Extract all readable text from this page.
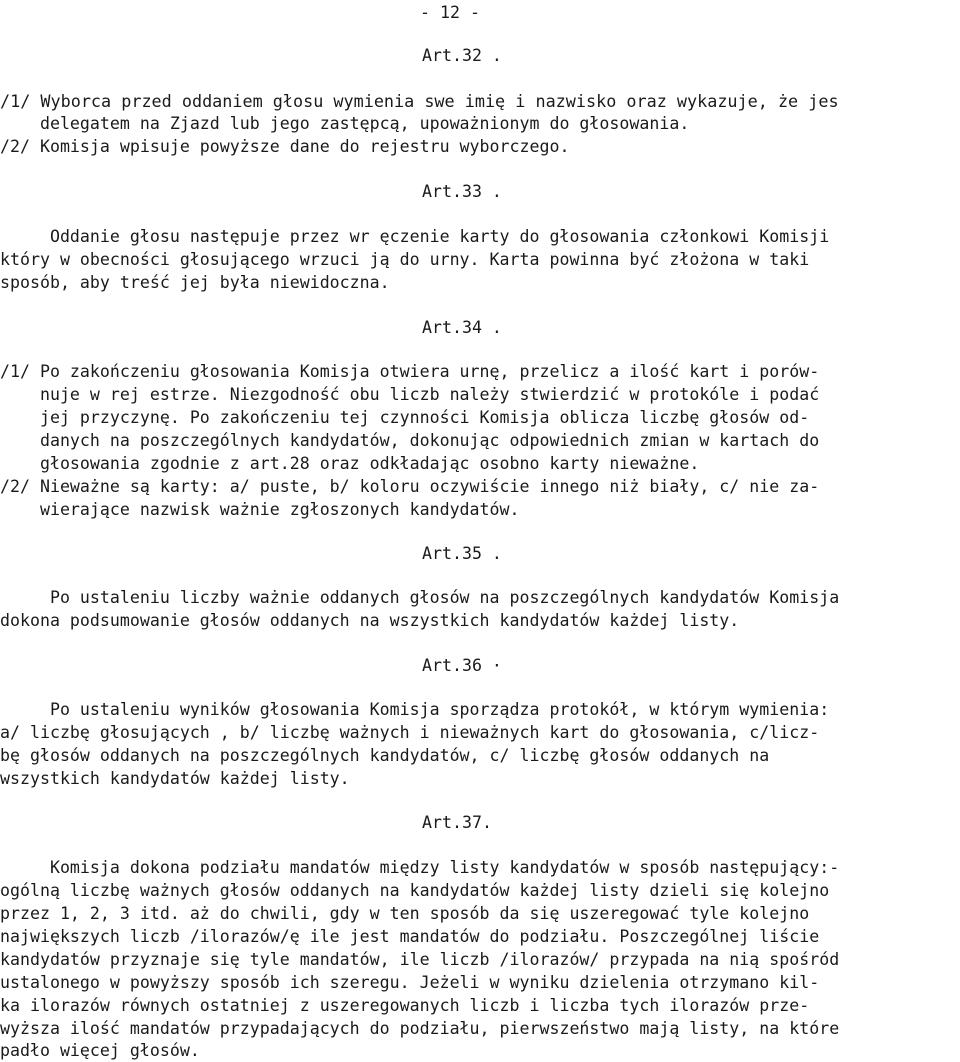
- 12 -
Art.32 .
/1/ Wyborca przed oddaniem głosu wymienia swe imię i nazwisko oraz wykazuje, że jes
delegatem na Zjazd lub jego zastępcą, upoważnionym do głosowania.
/2/ Komisja wpisuje powyższe dane do rejestru wyborczego.
Art.33 .
Oddanie głosu następuje przez wr ęczenie karty do głosowania członkowi Komisji
który w obecności głosującego wrzuci ją do urny. Karta powinna być złożona w taki
sposób, aby treść jej była niewidoczna.
Art.34 .
/1/ Po zakończeniu głosowania Komisja otwiera urnę, przelicz a ilość kart i porów-
nuje w rej estrze. Niezgodność obu liczb należy stwierdzić w protokóle i podać
jej przyczynę. Po zakończeniu tej czynności Komisja oblicza liczbę głosów od-
danych na poszczególnych kandydatów, dokonując odpowiednich zmian w kartach do
głosowania zgodnie z art.28 oraz odkładając osobno karty nieważne.
/2/ Nieważne są karty: a/ puste, b/ koloru oczywiście innego niż biały, c/ nie za-
wierające nazwisk ważnie zgłoszonych kandydatów.
Art.35 .
Po ustaleniu liczby ważnie oddanych głosów na poszczególnych kandydatów Komisja
dokona podsumowanie głosów oddanych na wszystkich kandydatów każdej listy.
Art.36 ·
Po ustaleniu wyników głosowania Komisja sporządza protokół, w którym wymienia:
a/ liczbę głosujących , b/ liczbę ważnych i nieważnych kart do głosowania, c/licz-
bę głosów oddanych na poszczególnych kandydatów, c/ liczbę głosów oddanych na
wszystkich kandydatów każdej listy.
Art.37.
Komisja dokona podziału mandatów między listy kandydatów w sposób następujący:-
ogólną liczbę ważnych głosów oddanych na kandydatów każdej listy dzieli się kolejno
przez 1, 2, 3 itd. aż do chwili, gdy w ten sposób da się uszeregować tyle kolejno
największych liczb /ilorazów/ę ile jest mandatów do podziału. Poszczególnej liście
kandydatów przyznaje się tyle mandatów, ile liczb /ilorazów/ przypada na nią spośród
ustalonego w powyższy sposób ich szeregu. Jeżeli w wyniku dzielenia otrzymano kil-
ka ilorazów równych ostatniej z uszeregowanych liczb i liczba tych ilorazów prze-
wyższa ilość mandatów przypadających do podziału, pierwszeństwo mają listy, na które
padło więcej głosów.
